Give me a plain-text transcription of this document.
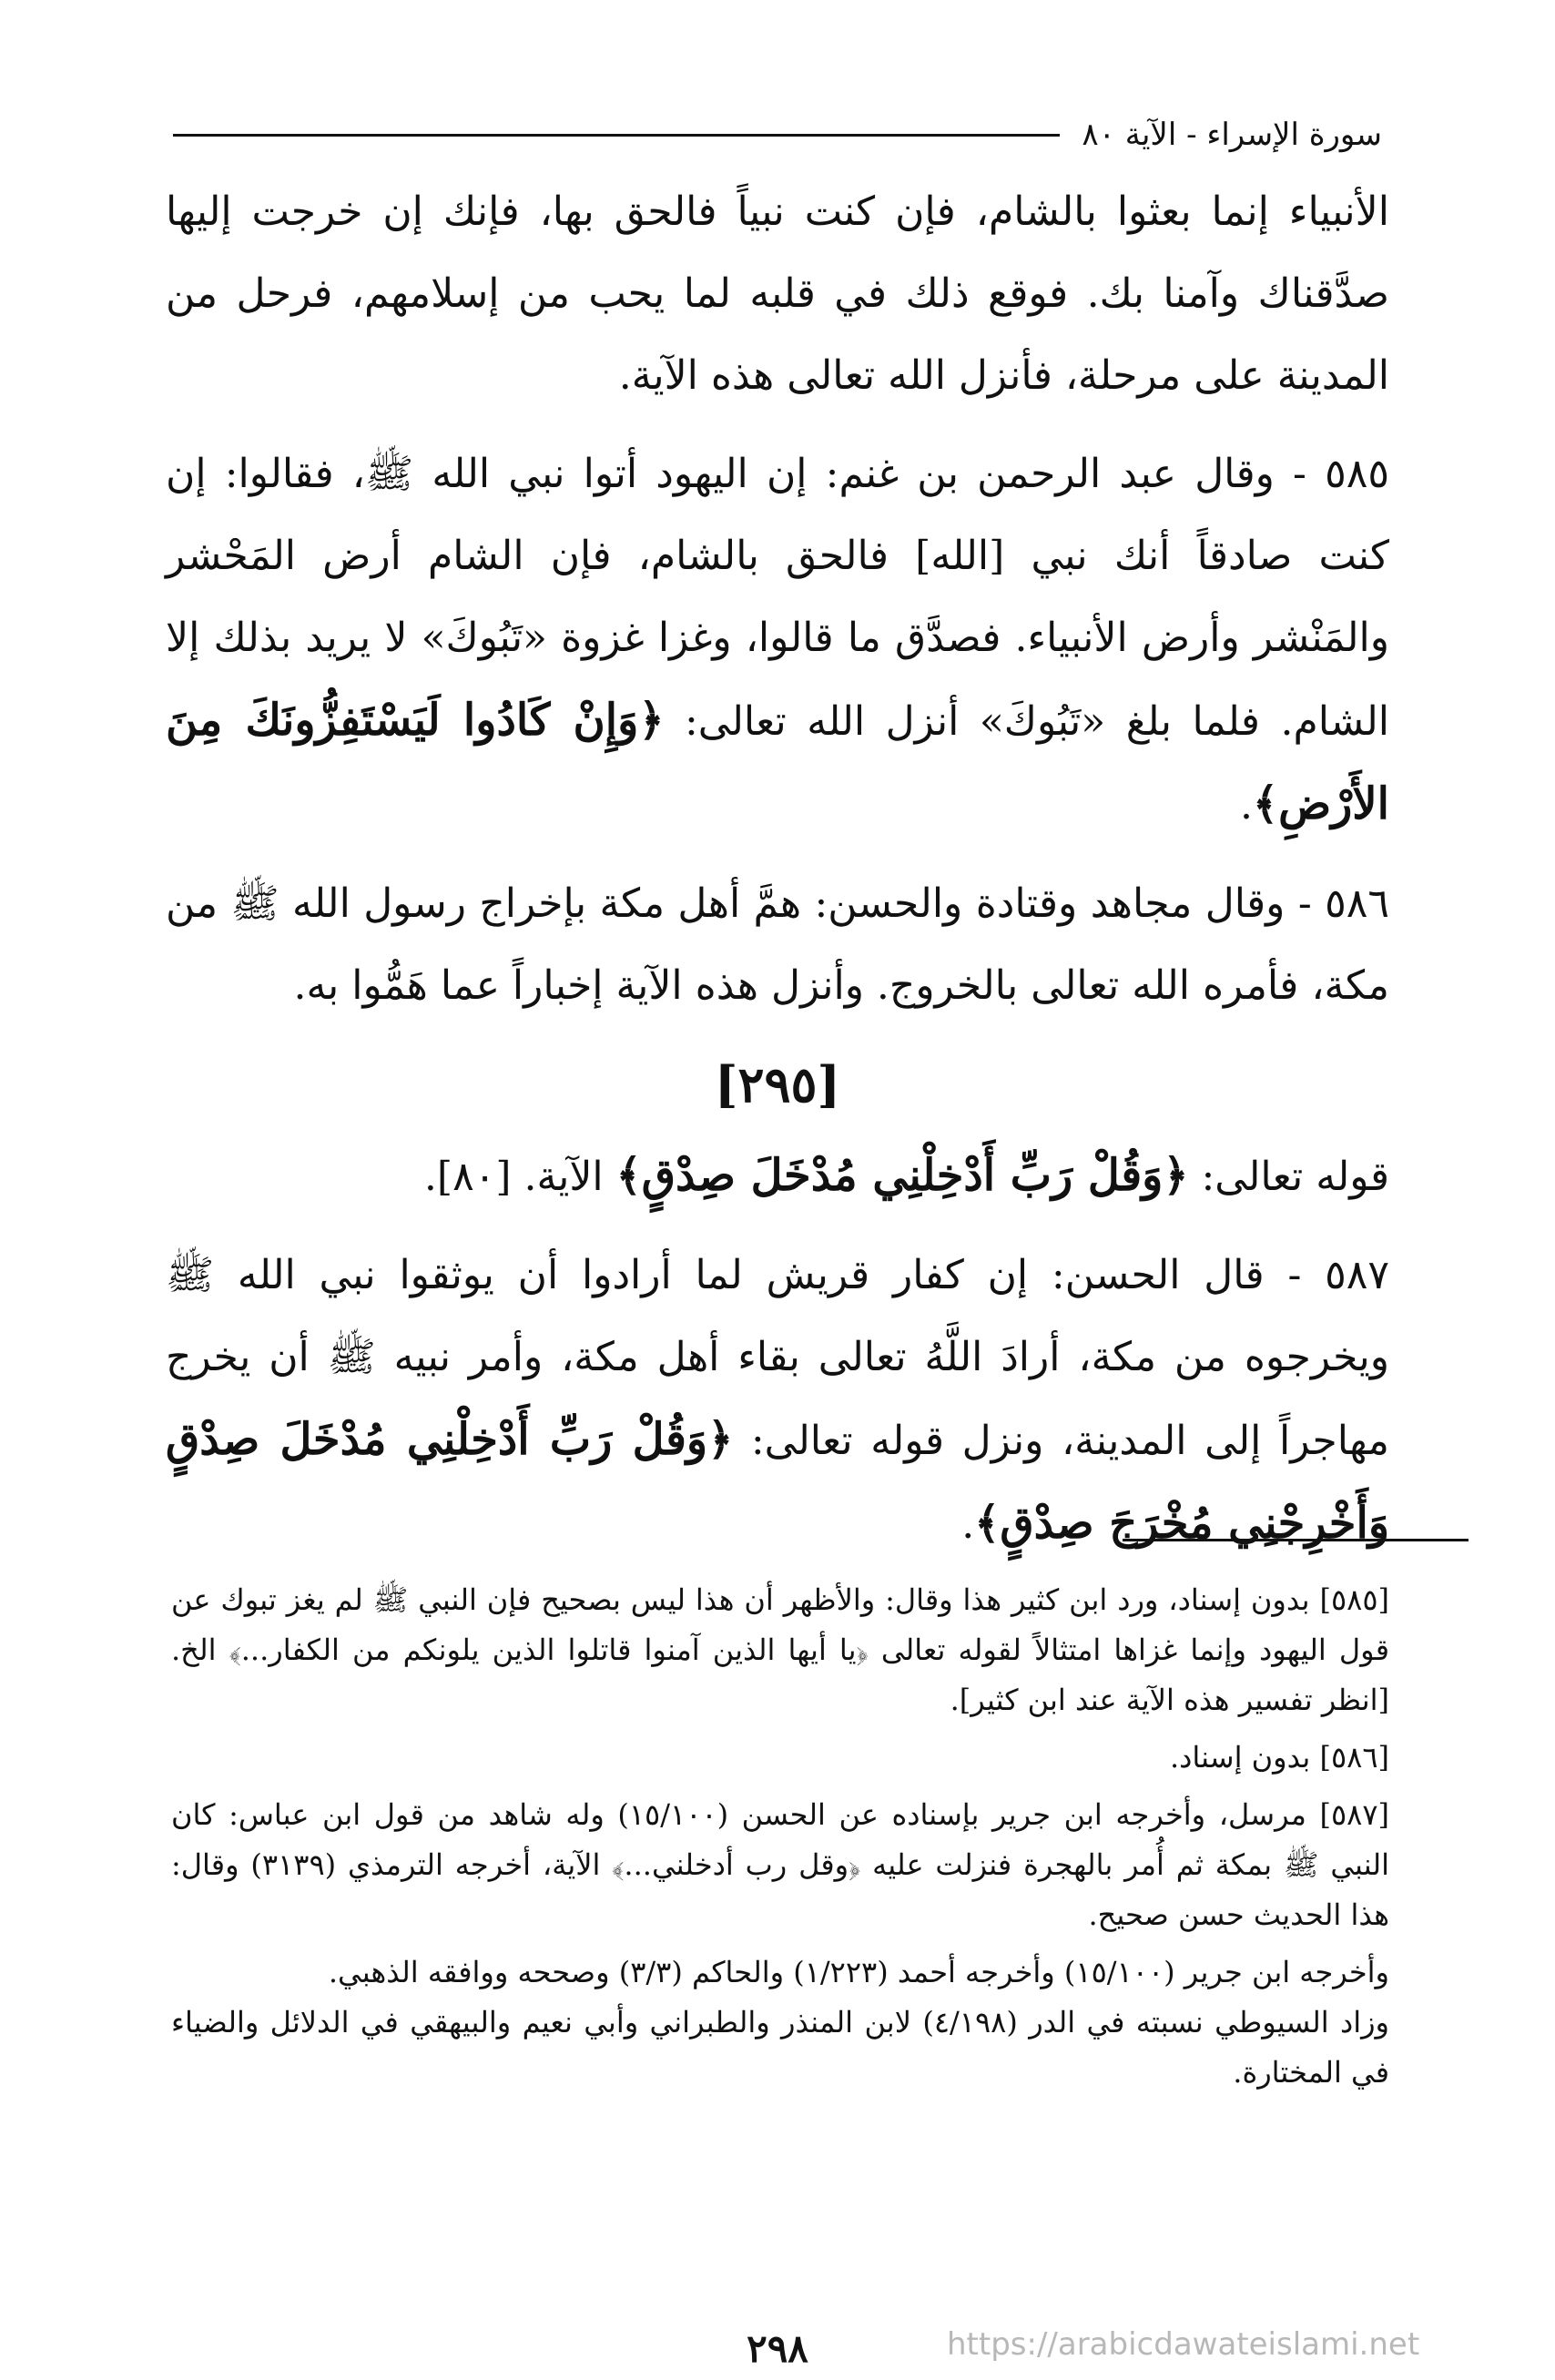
سورة الإسراء - الآية ٨٠

الأنبياء إنما بعثوا بالشام، فإن كنت نبياً فالحق بها، فإنك إن خرجت إليها صدَّقناك وآمنا بك. فوقع ذلك في قلبه لما يحب من إسلامهم، فرحل من المدينة على مرحلة، فأنزل الله تعالى هذه الآية.

٥٨٥ - وقال عبد الرحمن بن غنم: إن اليهود أتوا نبي الله ﷺ، فقالوا: إن كنت صادقاً أنك نبي [الله] فالحق بالشام، فإن الشام أرض المَحْشر والمَنْشر وأرض الأنبياء. فصدَّق ما قالوا، وغزا غزوة «تَبُوكَ» لا يريد بذلك إلا الشام. فلما بلغ «تَبُوكَ» أنزل الله تعالى: ﴿وَإِنْ كَادُوا لَيَسْتَفِزُّونَكَ مِنَ الأَرْضِ﴾.

٥٨٦ - وقال مجاهد وقتادة والحسن: همَّ أهل مكة بإخراج رسول الله ﷺ من مكة، فأمره الله تعالى بالخروج. وأنزل هذه الآية إخباراً عما هَمُّوا به.

[٢٩٥]

قوله تعالى: ﴿وَقُلْ رَبِّ أَدْخِلْنِي مُدْخَلَ صِدْقٍ﴾ الآية. [٨٠].

٥٨٧ - قال الحسن: إن كفار قريش لما أرادوا أن يوثقوا نبي الله ﷺ ويخرجوه من مكة، أرادَ اللَّهُ تعالى بقاء أهل مكة، وأمر نبيه ﷺ أن يخرج مهاجراً إلى المدينة، ونزل قوله تعالى: ﴿وَقُلْ رَبِّ أَدْخِلْنِي مُدْخَلَ صِدْقٍ وَأَخْرِجْنِي مُخْرَجَ صِدْقٍ﴾.

[٥٨٥] بدون إسناد، ورد ابن كثير هذا وقال: والأظهر أن هذا ليس بصحيح فإن النبي ﷺ لم يغز تبوك عن قول اليهود وإنما غزاها امتثالاً لقوله تعالى ﴿يا أيها الذين آمنوا قاتلوا الذين يلونكم من الكفار...﴾ الخ. [انظر تفسير هذه الآية عند ابن كثير].

[٥٨٦] بدون إسناد.

[٥٨٧] مرسل، وأخرجه ابن جرير بإسناده عن الحسن (١٥/١٠٠) وله شاهد من قول ابن عباس: كان النبي ﷺ بمكة ثم أُمر بالهجرة فنزلت عليه ﴿وقل رب أدخلني...﴾ الآية، أخرجه الترمذي (٣١٣٩) وقال: هذا الحديث حسن صحيح.

وأخرجه ابن جرير (١٥/١٠٠) وأخرجه أحمد (١/٢٢٣) والحاكم (٣/٣) وصححه ووافقه الذهبي.

وزاد السيوطي نسبته في الدر (٤/١٩٨) لابن المنذر والطبراني وأبي نعيم والبيهقي في الدلائل والضياء في المختارة.

٢٩٨	https://arabicdawateislami.net
